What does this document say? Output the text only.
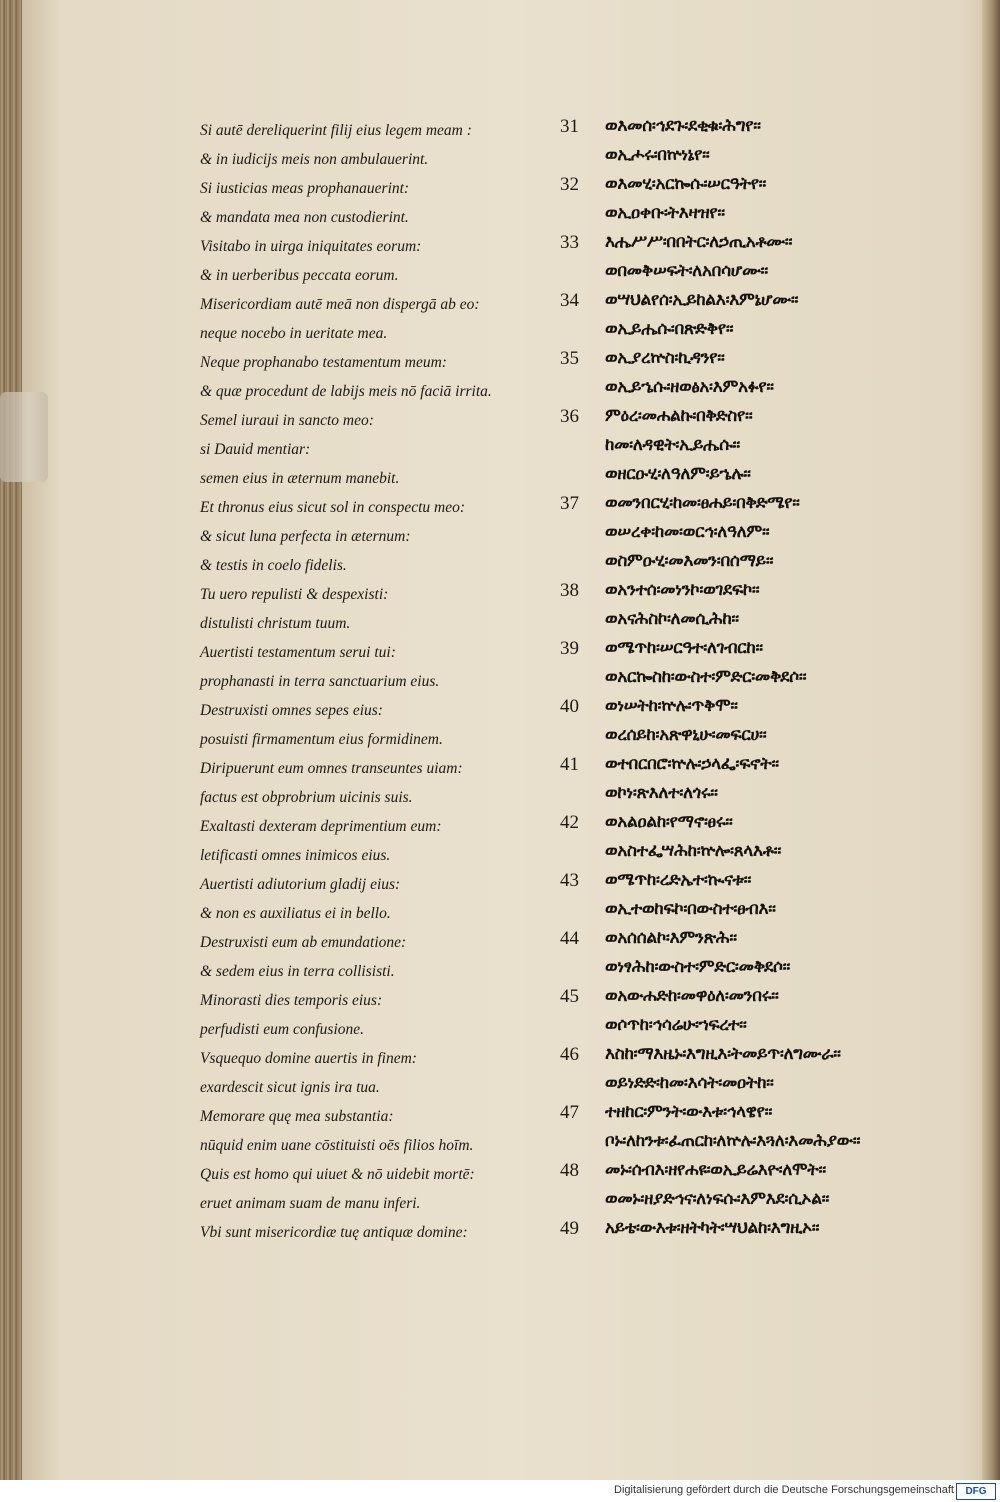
Si autē dereliquerint filij eius legem meam :
& in iudicijs meis non ambulauerint.
Si iusticias meas prophanauerint:
& mandata mea non custodierint.
Visitabo in uirga iniquitates eorum:
& in uerberibus peccata eorum.
Misericordiam autē meā non dispergā ab eo:
neque nocebo in ueritate mea.
Neque prophanabo testamentum meum:
& quæ procedunt de labijs meis nō faciā irrita.
Semel iuraui in sancto meo:
si Dauid mentiar:
semen eius in æternum manebit.
Et thronus eius sicut sol in conspectu meo:
& sicut luna perfecta in æternum:
& testis in coelo fidelis.
Tu uero repulisti & despexisti:
distulisti christum tuum.
Auertisti testamentum serui tui:
prophanasti in terra sanctuarium eius.
Destruxisti omnes sepes eius:
posuisti firmamentum eius formidinem.
Diripuerunt eum omnes transeuntes uiam:
factus est obprobrium uicinis suis.
Exaltasti dexteram deprimentium eum:
letificasti omnes inimicos eius.
Auertisti adiutorium gladij eius:
& non es auxiliatus ei in bello.
Destruxisti eum ab emundatione:
& sedem eius in terra collisisti.
Minorasti dies temporis eius:
perfudisti eum confusione.
Vsquequo domine auertis in finem:
exardescit sicut ignis ira tua.
Memorare quę mea substantia:
nūquid enim uane cōstituisti oēs filios hoīm.
Quis est homo qui uiuet & nō uidebit mortē:
eruet animam suam de manu inferi.
Vbi sunt misericordiæ tuę antiquæ domine:
31	ወእመሰ፡ኅደጉ፡ደቂቁ፡ሕግየ፡፡
ወኢሖሩ፡በኵነኔየ፡፡
32	ወእመሂ፡አርኰሱ፡ሠርዓትየ፡፡
ወኢዐቀቡ፡ትእዛዝየ፡፡
33	እሔሥሥ፡በበትር፡ለኃጢአቶሙ፡፡
ወበመቅሠፍት፡ለአበሳሆሙ፡፡
34	ወሣህልየሰ፡ኢይከልእ፡እምኔሆሙ፡፡
ወኢይሔሱ፡በጽድቅየ፡፡
35	ወኢያረኵስ፡ኪዳንየ፡፡
ወኢይኄሱ፡ዘወፅአ፡እምአፉየ፡፡
36	ምዕረ፡መሐልኩ፡በቅድስየ፡፡
ከመ፡ለዳዊት፡ኢይሔሱ፡፡
ወዘርዑሂ፡ለዓለም፡ይኄሉ፡፡
37	ወመንበርሂ፡ከመ፡ፀሐይ፡በቅድሜየ፡፡
ወሠረቀ፡ከመ፡ወርኅ፡ለዓለም፡፡
ወስምዑሂ፡መእመን፡በሰማይ፡፡
38	ወአንተሰ፡መነንኮ፡ወገደፍኮ፡፡
ወአናሕስኮ፡ለመሲሕከ፡፡
39	ወሜጥከ፡ሠርዓተ፡ለገብርከ፡፡
ወአርኰስከ፡ውስተ፡ምድር፡መቅደሶ፡፡
40	ወነሠትከ፡ኵሉ፡ጥቅሞ፡፡
ወረሰይከ፡አጽዋኒሁ፡መፍርሀ፡፡
41	ወተበርበሮ፡ኵሉ፡ኃላፌ፡ፍኖት፡፡
ወኮነ፡ጽእለተ፡ለጎሩ፡፡
42	ወአልዐልከ፡የማኖ፡ፀሩ፡፡
ወአስተፌሣሕከ፡ኵሎ፡ጸላእቶ፡፡
43	ወሜጥከ፡ረድኤተ፡ኲናቱ፡፡
ወኢተወከፍኮ፡በውስተ፡ፀብእ፡፡
44	ወአሰሰልኮ፡እምንጽሕ፡፡
ወነፃሕከ፡ውስተ፡ምድር፡መቅደሶ፡፡
45	ወአውሐድከ፡መዋዕለ፡መንበሩ፡፡
ወሶጥከ፡ኅሳሬሁ፡ኀፍረተ፡፡
46	እስከ፡ማእዜኑ፡እግዚእ፡ትመይጥ፡ለግሙራ፡፡
ወይነድድ፡ከመ፡እሳት፡መዐትከ፡፡
47	ተዘከር፡ምንት፡ውእቱ፡ኅላዌየ፡፡
ቦኑ፡ለከንቱ፡ፈጠርከ፡ለኵሉ፡እጓለ፡እመሕያው፡፡
48	መኑ፡ሰብእ፡ዘየሐዩ፡ወኢይሬእዮ፡ለሞት፡፡
ወመኑ፡ዘያድኅና፡ለነፍሱ፡እምእደ፡ሲኦል፡፡
49	አይቴ፡ውእቱ፡ዘትካት፡ሣህልከ፡እግዚኦ፡፡
Digitalisierung gefördert durch die Deutsche Forschungsgemeinschaft	DFG
